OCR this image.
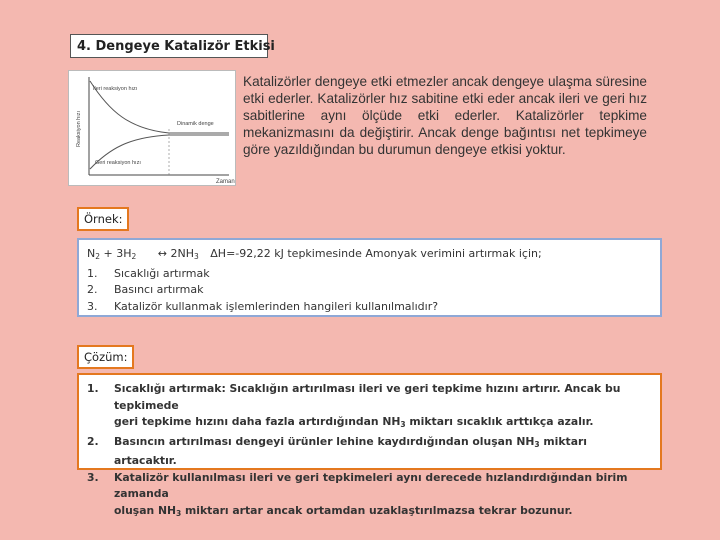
4. Dengeye Katalizör Etkisi
Reaksiyon hızı
Zaman
İleri reaksiyon hızı
Dinamik denge
Geri reaksiyon hızı
Katalizörler dengeye etki etmezler ancak dengeye ulaşma süresine etki ederler. Katalizörler hız sabitine etki eder ancak ileri ve geri hız sabitlerine aynı ölçüde etki ederler. Katalizörler tepkime mekanizmasını da değiştirir. Ancak denge bağıntısı net tepkimeye göre yazıldığından bu durumun dengeye etkisi yoktur.
Örnek:
$N_2 + 3H_2$ ↔ $2NH_3$ ΔH=-92,22 kJ tepkimesinde Amonyak verimini artırmak için;
1.	Sıcaklığı artırmak
2.	Basıncı artırmak
3.	Katalizör kullanmak işlemlerinden hangileri kullanılmalıdır?
Çözüm:
1.	Sıcaklığı artırmak: Sıcaklığın artırılması ileri ve geri tepkime hızını artırır. Ancak bu tepkimede
geri tepkime hızını daha fazla artırdığından $NH_3$ miktarı sıcaklık arttıkça azalır.
2.	Basıncın artırılması dengeyi ürünler lehine kaydırdığından oluşan $NH_3$ miktarı artacaktır.
3.	Katalizör kullanılması ileri ve geri tepkimeleri aynı derecede hızlandırdığından birim zamanda
oluşan $NH_3$ miktarı artar ancak ortamdan uzaklaştırılmazsa tekrar bozunur.
